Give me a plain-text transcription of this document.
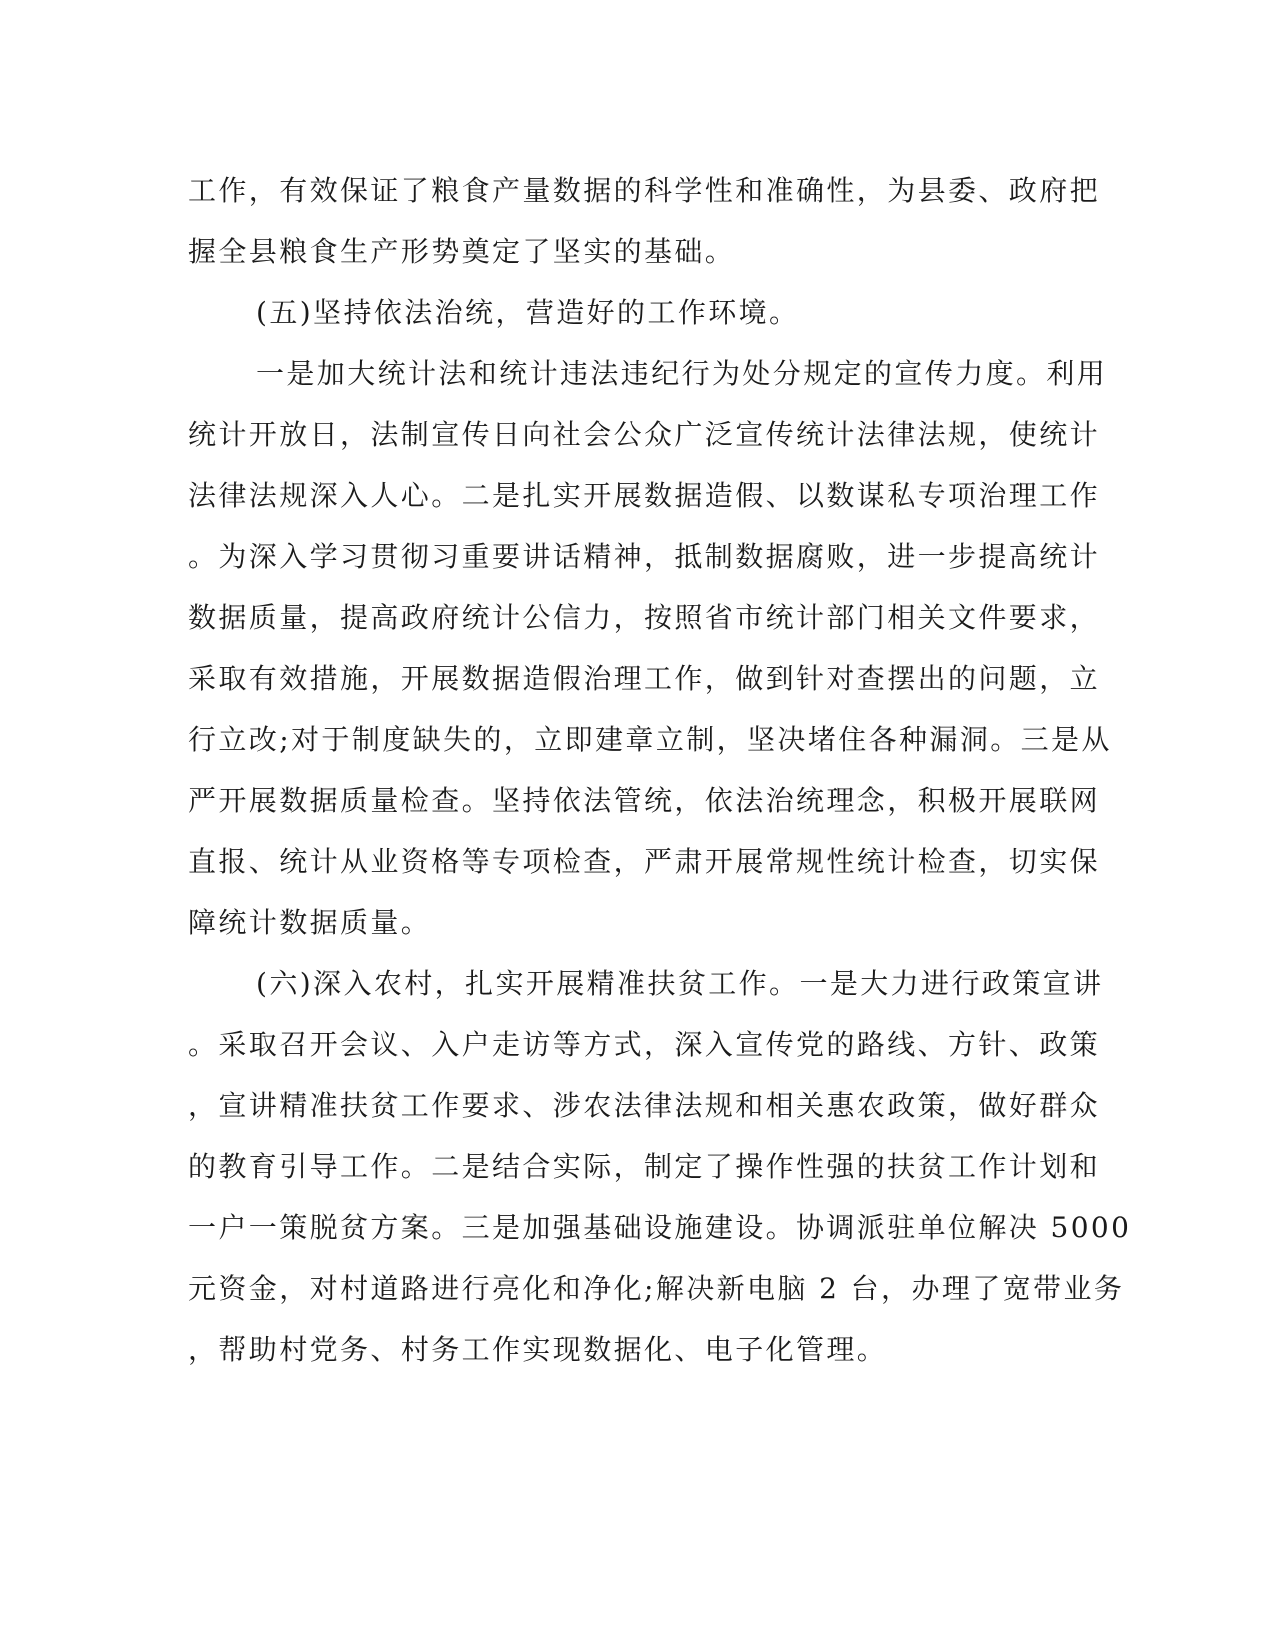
工作，有效保证了粮食产量数据的科学性和准确性，为县委、政府把
握全县粮食生产形势奠定了坚实的基础。
(五)坚持依法治统，营造好的工作环境。
一是加大统计法和统计违法违纪行为处分规定的宣传力度。利用
统计开放日，法制宣传日向社会公众广泛宣传统计法律法规，使统计
法律法规深入人心。二是扎实开展数据造假、以数谋私专项治理工作
。为深入学习贯彻习重要讲话精神，抵制数据腐败，进一步提高统计
数据质量，提高政府统计公信力，按照省市统计部门相关文件要求，
采取有效措施，开展数据造假治理工作，做到针对查摆出的问题，立
行立改;对于制度缺失的，立即建章立制，坚决堵住各种漏洞。三是从
严开展数据质量检查。坚持依法管统，依法治统理念，积极开展联网
直报、统计从业资格等专项检查，严肃开展常规性统计检查，切实保
障统计数据质量。
(六)深入农村，扎实开展精准扶贫工作。一是大力进行政策宣讲
。采取召开会议、入户走访等方式，深入宣传党的路线、方针、政策
，宣讲精准扶贫工作要求、涉农法律法规和相关惠农政策，做好群众
的教育引导工作。二是结合实际，制定了操作性强的扶贫工作计划和
一户一策脱贫方案。三是加强基础设施建设。协调派驻单位解决 5000
元资金，对村道路进行亮化和净化;解决新电脑 2 台，办理了宽带业务
，帮助村党务、村务工作实现数据化、电子化管理。
